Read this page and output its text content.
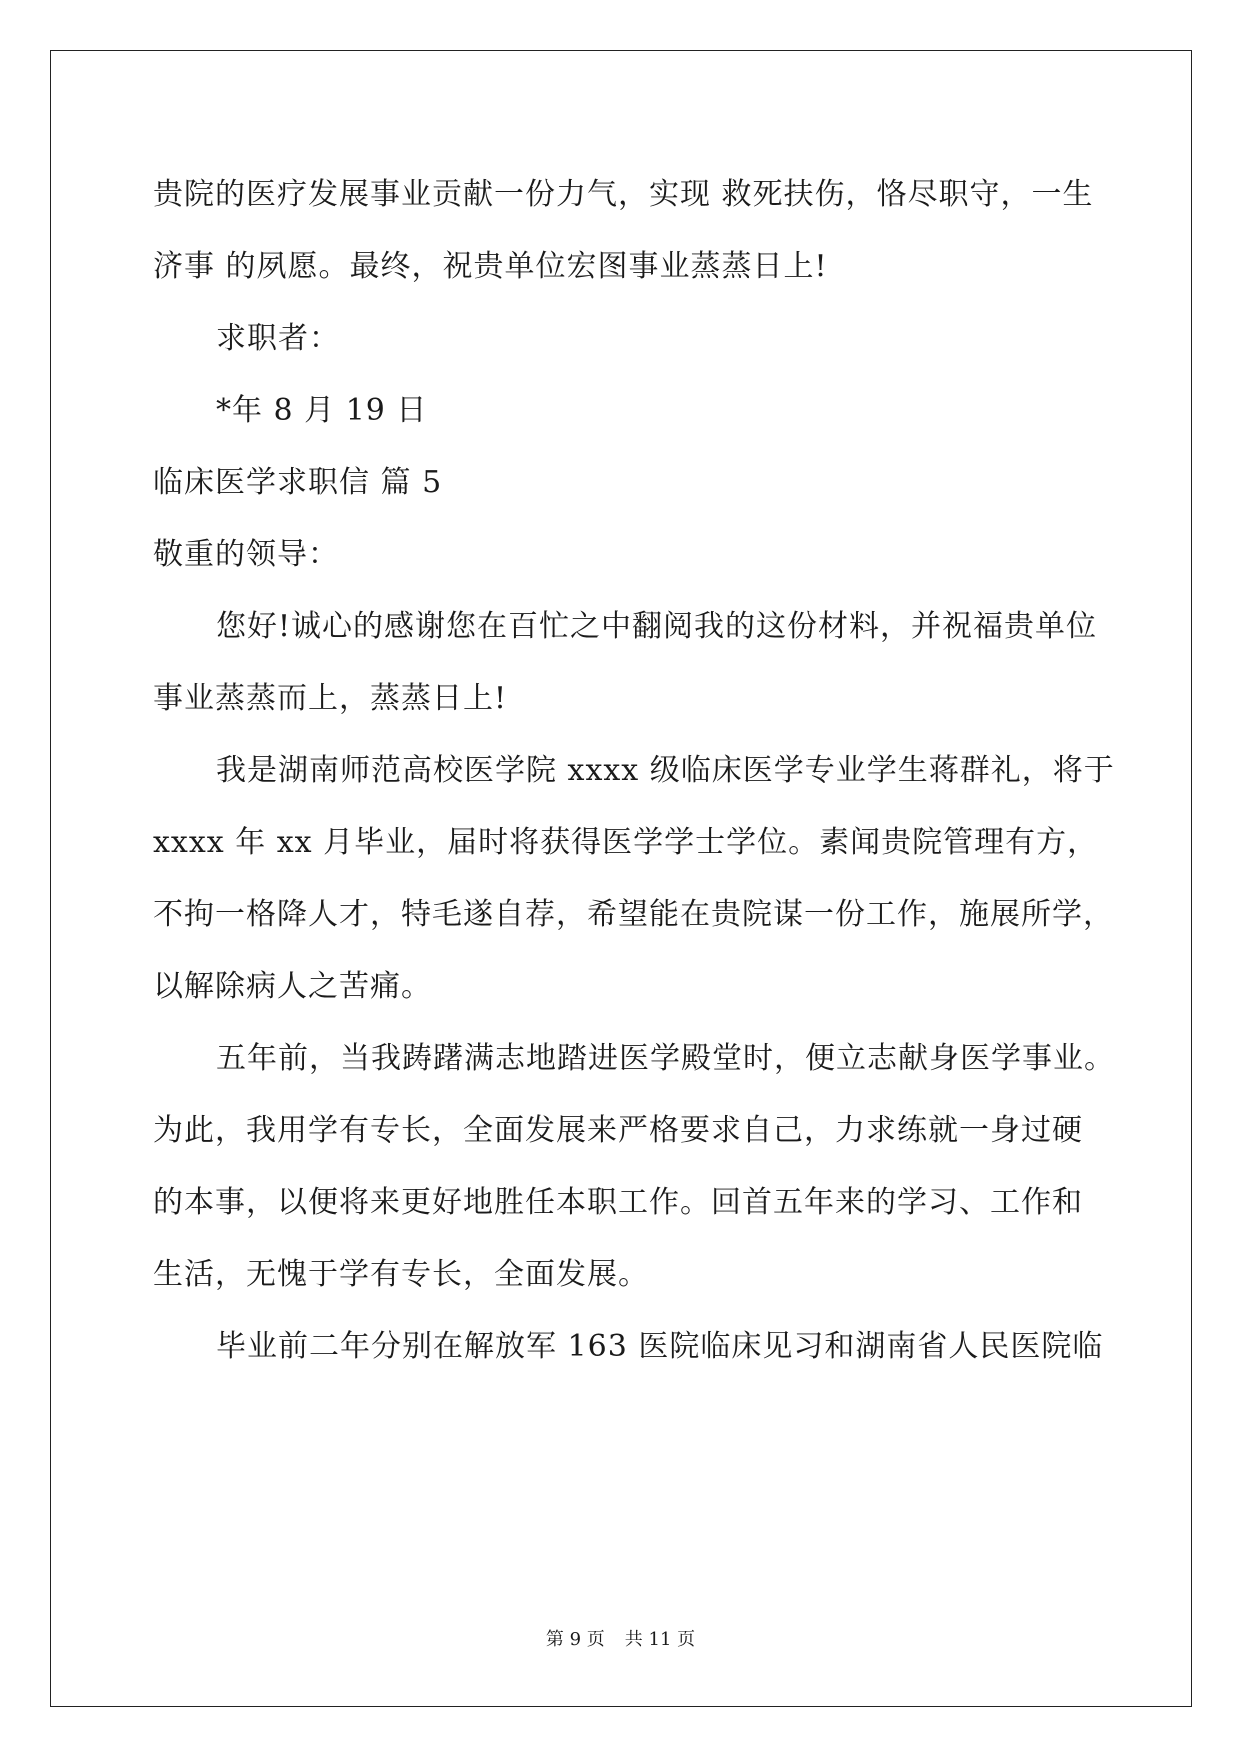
贵院的医疗发展事业贡献一份力气，实现 救死扶伤，恪尽职守，一生
济事 的夙愿。最终，祝贵单位宏图事业蒸蒸日上!
求职者：
*年 8 月 19 日
临床医学求职信 篇 5
敬重的领导：
您好!诚心的感谢您在百忙之中翻阅我的这份材料，并祝福贵单位
事业蒸蒸而上，蒸蒸日上!
我是湖南师范高校医学院 xxxx 级临床医学专业学生蒋群礼，将于
xxxx 年 xx 月毕业，届时将获得医学学士学位。素闻贵院管理有方，
不拘一格降人才，特毛遂自荐，希望能在贵院谋一份工作，施展所学，
以解除病人之苦痛。
五年前，当我踌躇满志地踏进医学殿堂时，便立志献身医学事业。
为此，我用学有专长，全面发展来严格要求自己，力求练就一身过硬
的本事，以便将来更好地胜任本职工作。回首五年来的学习、工作和
生活，无愧于学有专长，全面发展。
毕业前二年分别在解放军 163 医院临床见习和湖南省人民医院临
第 9 页 共 11 页
